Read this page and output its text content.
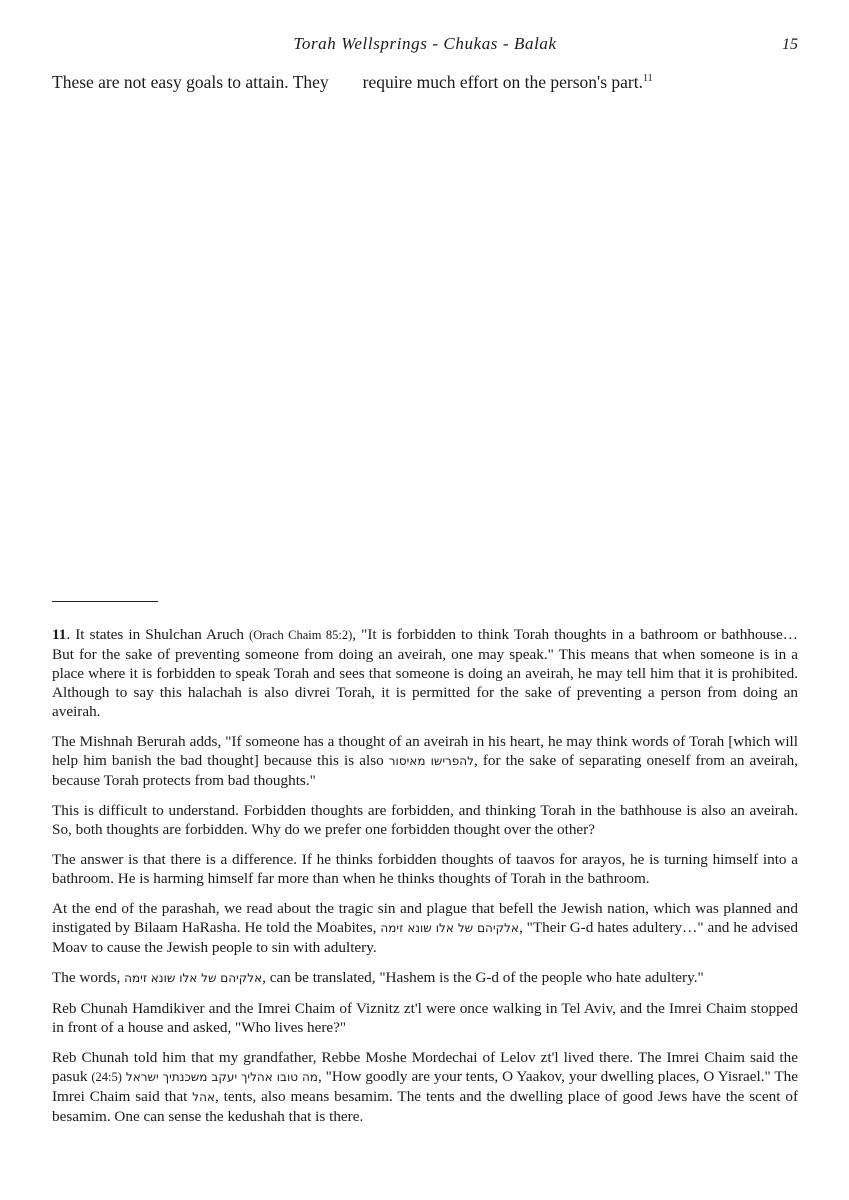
Torah Wellsprings - Chukas - Balak	15
These are not easy goals to attain. They require much effort on the person's part.$^{11}$

11. It states in Shulchan Aruch (Orach Chaim 85:2), "It is forbidden to think Torah thoughts in a bathroom or bathhouse… But for the sake of preventing someone from doing an aveirah, one may speak." This means that when someone is in a place where it is forbidden to speak Torah and sees that someone is doing an aveirah, he may tell him that it is prohibited. Although to say this halachah is also divrei Torah, it is permitted for the sake of preventing a person from doing an aveirah.

The Mishnah Berurah adds, "If someone has a thought of an aveirah in his heart, he may think words of Torah [which will help him banish the bad thought] because this is also להפרישו מאיסור, for the sake of separating oneself from an aveirah, because Torah protects from bad thoughts."

This is difficult to understand. Forbidden thoughts are forbidden, and thinking Torah in the bathhouse is also an aveirah. So, both thoughts are forbidden. Why do we prefer one forbidden thought over the other?

The answer is that there is a difference. If he thinks forbidden thoughts of taavos for arayos, he is turning himself into a bathroom. He is harming himself far more than when he thinks thoughts of Torah in the bathroom.

At the end of the parashah, we read about the tragic sin and plague that befell the Jewish nation, which was planned and instigated by Bilaam HaRasha. He told the Moabites, אלקיהם של אלו שונא זימה, "Their G-d hates adultery…" and he advised Moav to cause the Jewish people to sin with adultery.

The words, אלקיהם של אלו שונא זימה, can be translated, "Hashem is the G-d of the people who hate adultery."

Reb Chunah Hamdikiver and the Imrei Chaim of Viznitz zt'l were once walking in Tel Aviv, and the Imrei Chaim stopped in front of a house and asked, "Who lives here?"

Reb Chunah told him that my grandfather, Rebbe Moshe Mordechai of Lelov zt'l lived there. The Imrei Chaim said the pasuk (24:5) מה טובו אהליך יעקב משכנתיך ישראל, "How goodly are your tents, O Yaakov, your dwelling places, O Yisrael." The Imrei Chaim said that אהל, tents, also means besamim. The tents and the dwelling place of good Jews have the scent of besamim. One can sense the kedushah that is there.
